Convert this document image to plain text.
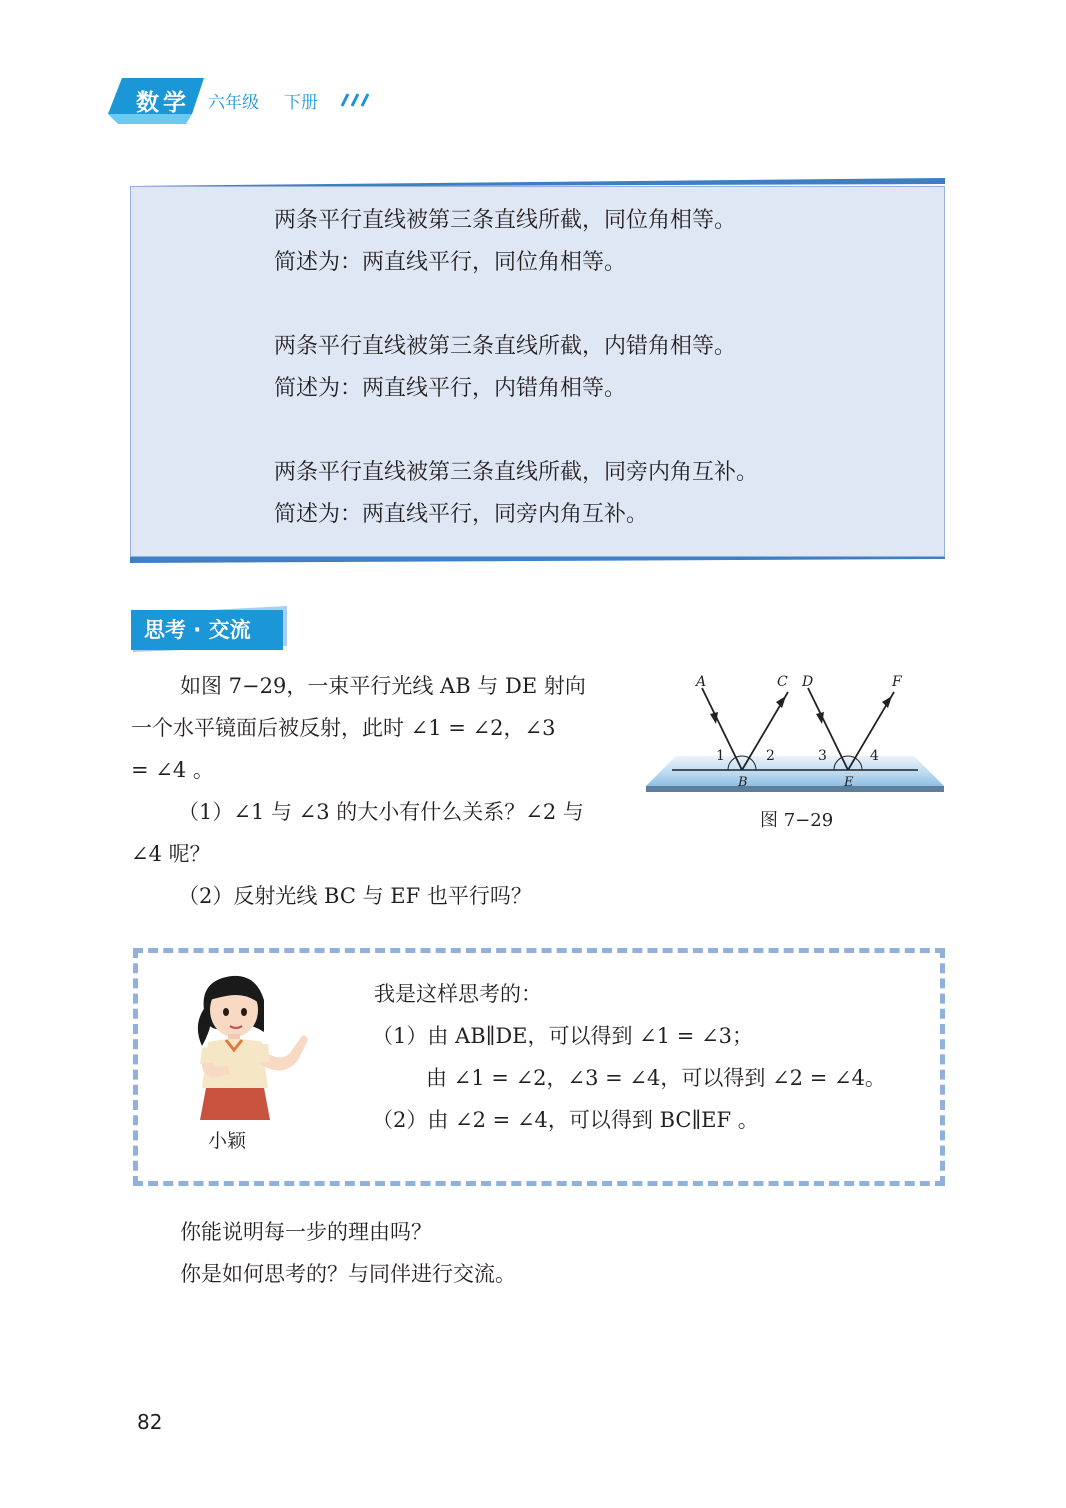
数学	六年级 下册
两条平行直线被第三条直线所截，同位角相等。
简述为：两直线平行，同位角相等。
两条平行直线被第三条直线所截，内错角相等。
简述为：两直线平行，内错角相等。
两条平行直线被第三条直线所截，同旁内角互补。
简述为：两直线平行，同旁内角互补。
思考 · 交流
如图 7−29，一束平行光线 AB 与 DE 射向
一个水平镜面后被反射，此时 ∠1 = ∠2，∠3
= ∠4 。
（1）∠1 与 ∠3 的大小有什么关系？∠2 与
∠4 呢？
（2）反射光线 BC 与 EF 也平行吗？
A	C D	F
B	E
1	2	3	4
图 7−29
小颖
我是这样思考的：
（1）由 AB∥DE，可以得到 ∠1 = ∠3；
由 ∠1 = ∠2，∠3 = ∠4，可以得到 ∠2 = ∠4。
（2）由 ∠2 = ∠4，可以得到 BC∥EF 。
你能说明每一步的理由吗？
你是如何思考的？与同伴进行交流。
82
